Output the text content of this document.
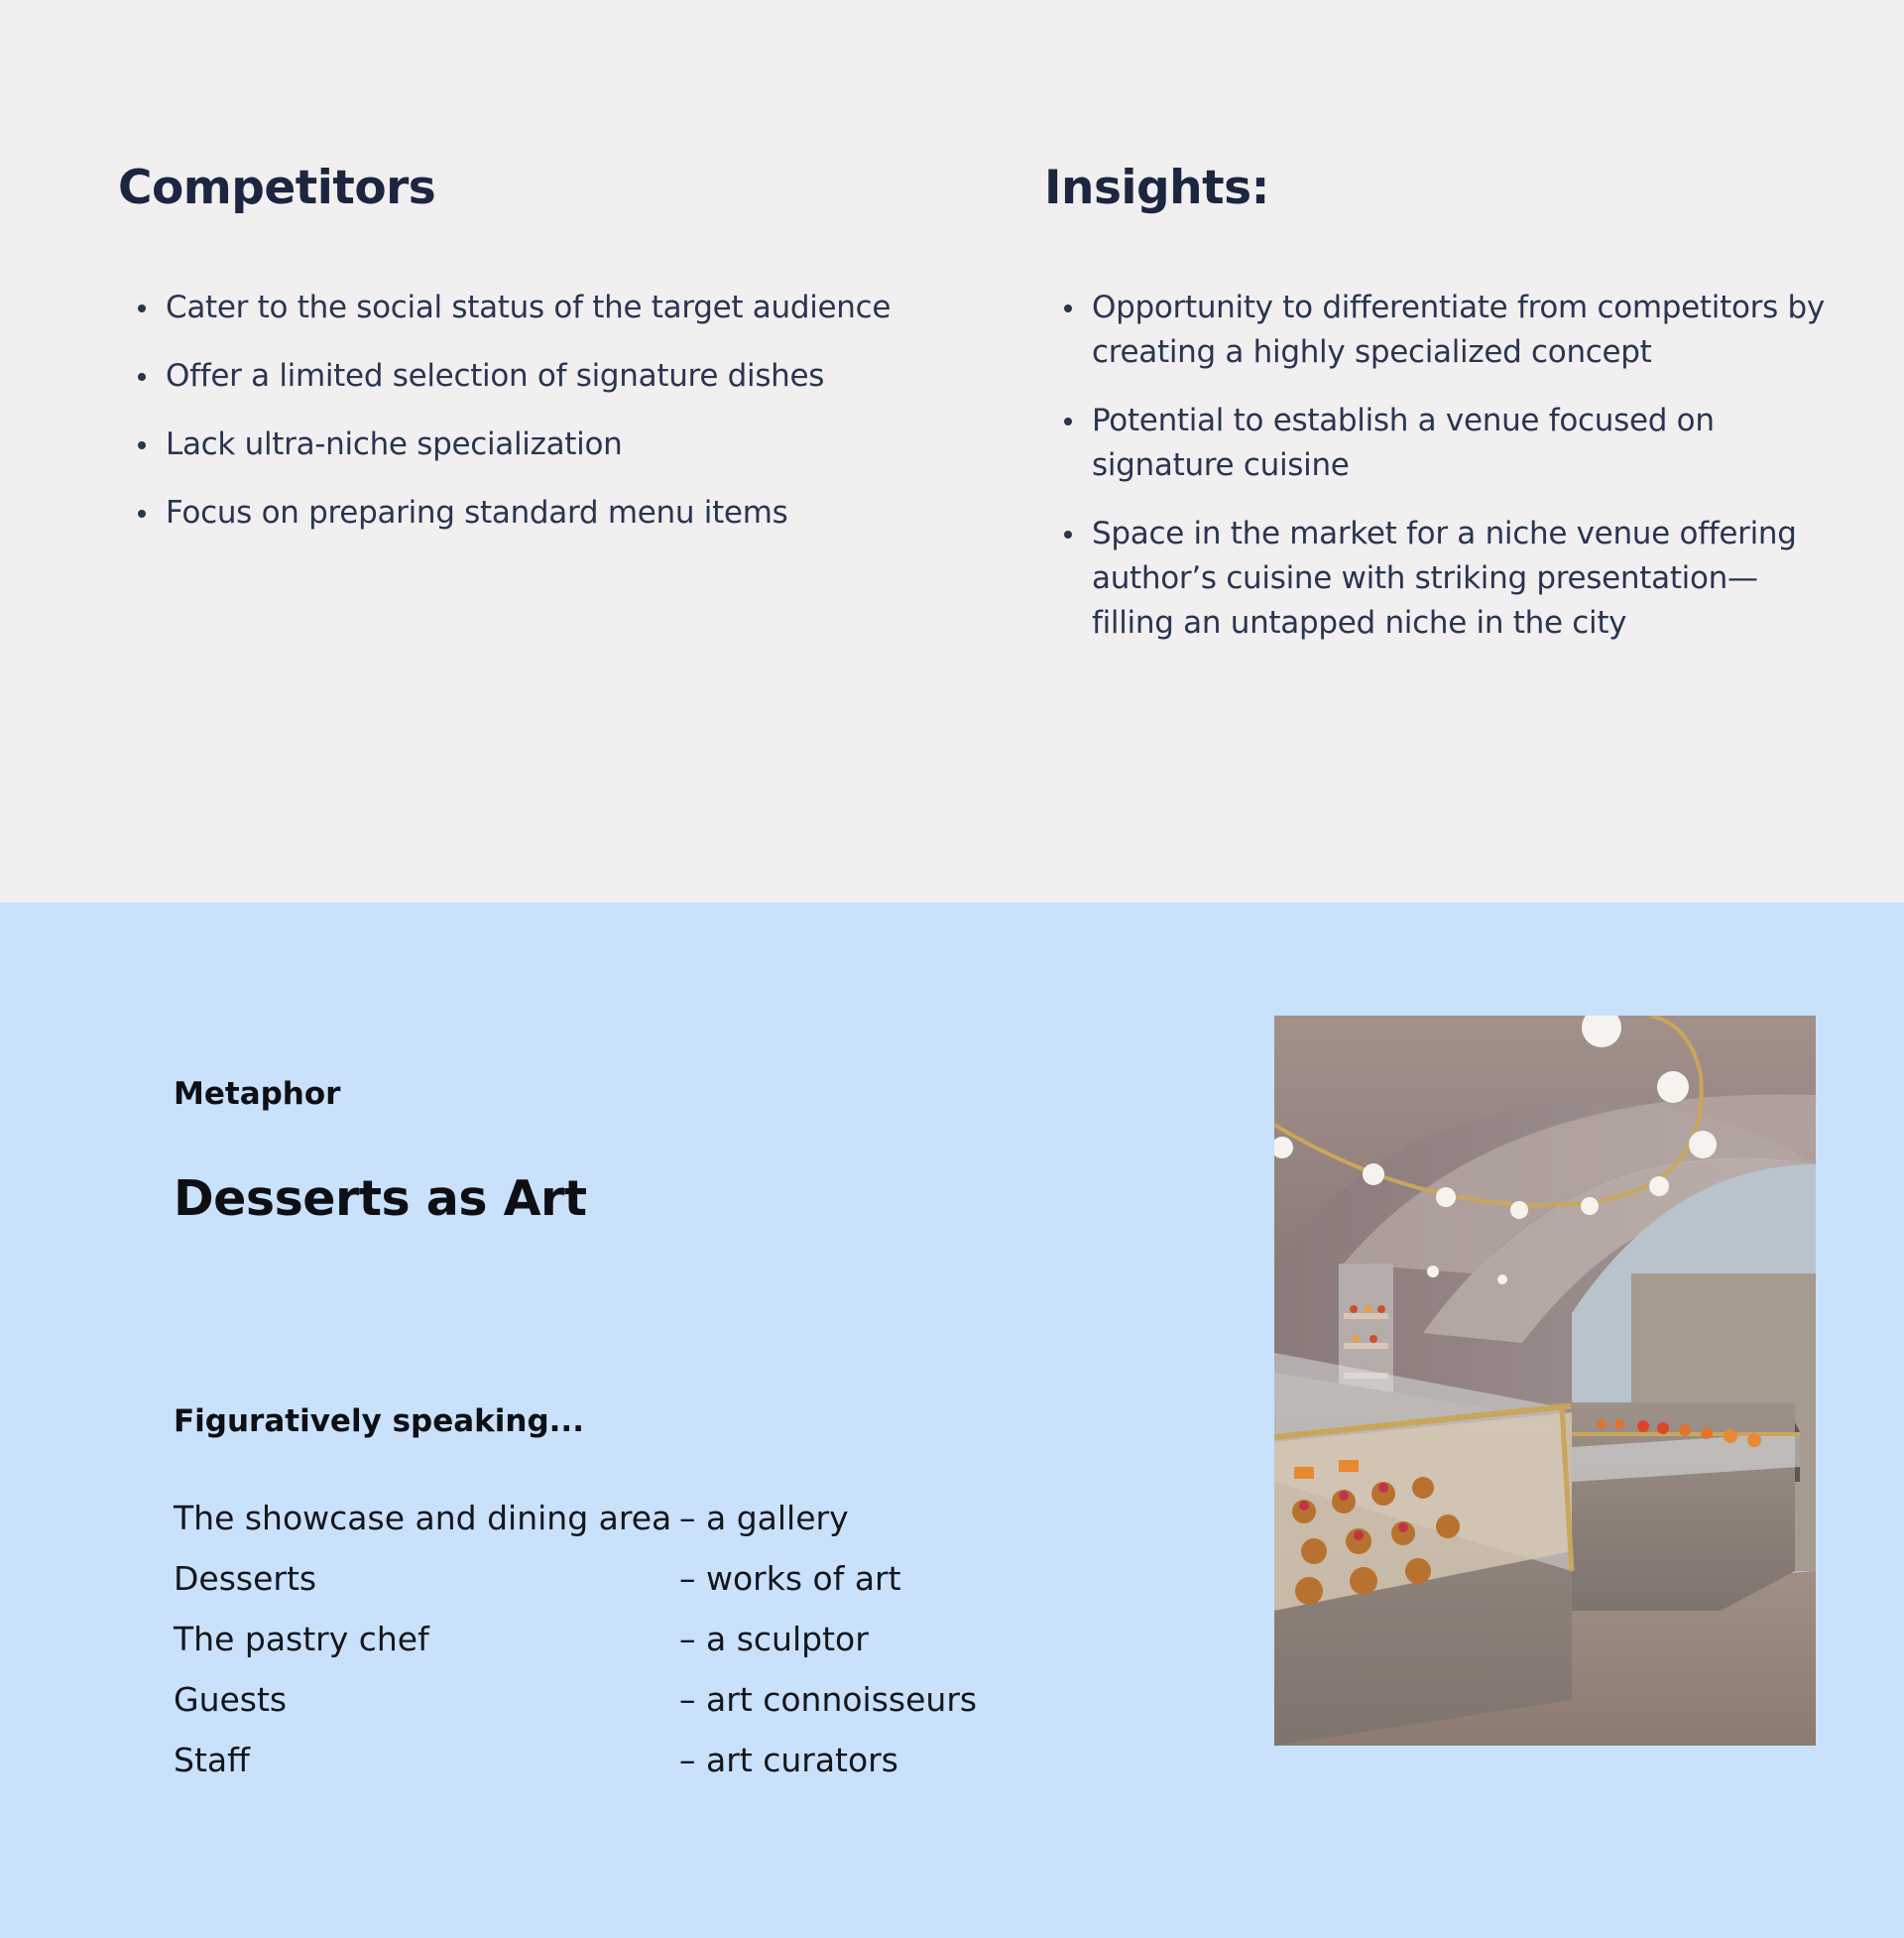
Competitors
Cater to the social status of the target audience
Offer a limited selection of signature dishes
Lack ultra-niche specialization
Focus on preparing standard menu items
Insights:
Opportunity to differentiate from competitors by creating a highly specialized concept
Potential to establish a venue focused on signature cuisine
Space in the market for a niche venue offering author’s cuisine with striking presentation—filling an untapped niche in the city
Metaphor
Desserts as Art
Figuratively speaking...
The showcase and dining area – a gallery
Desserts	– works of art
The pastry chef	– a sculptor
Guests	– art connoisseurs
Staff	– art curators
